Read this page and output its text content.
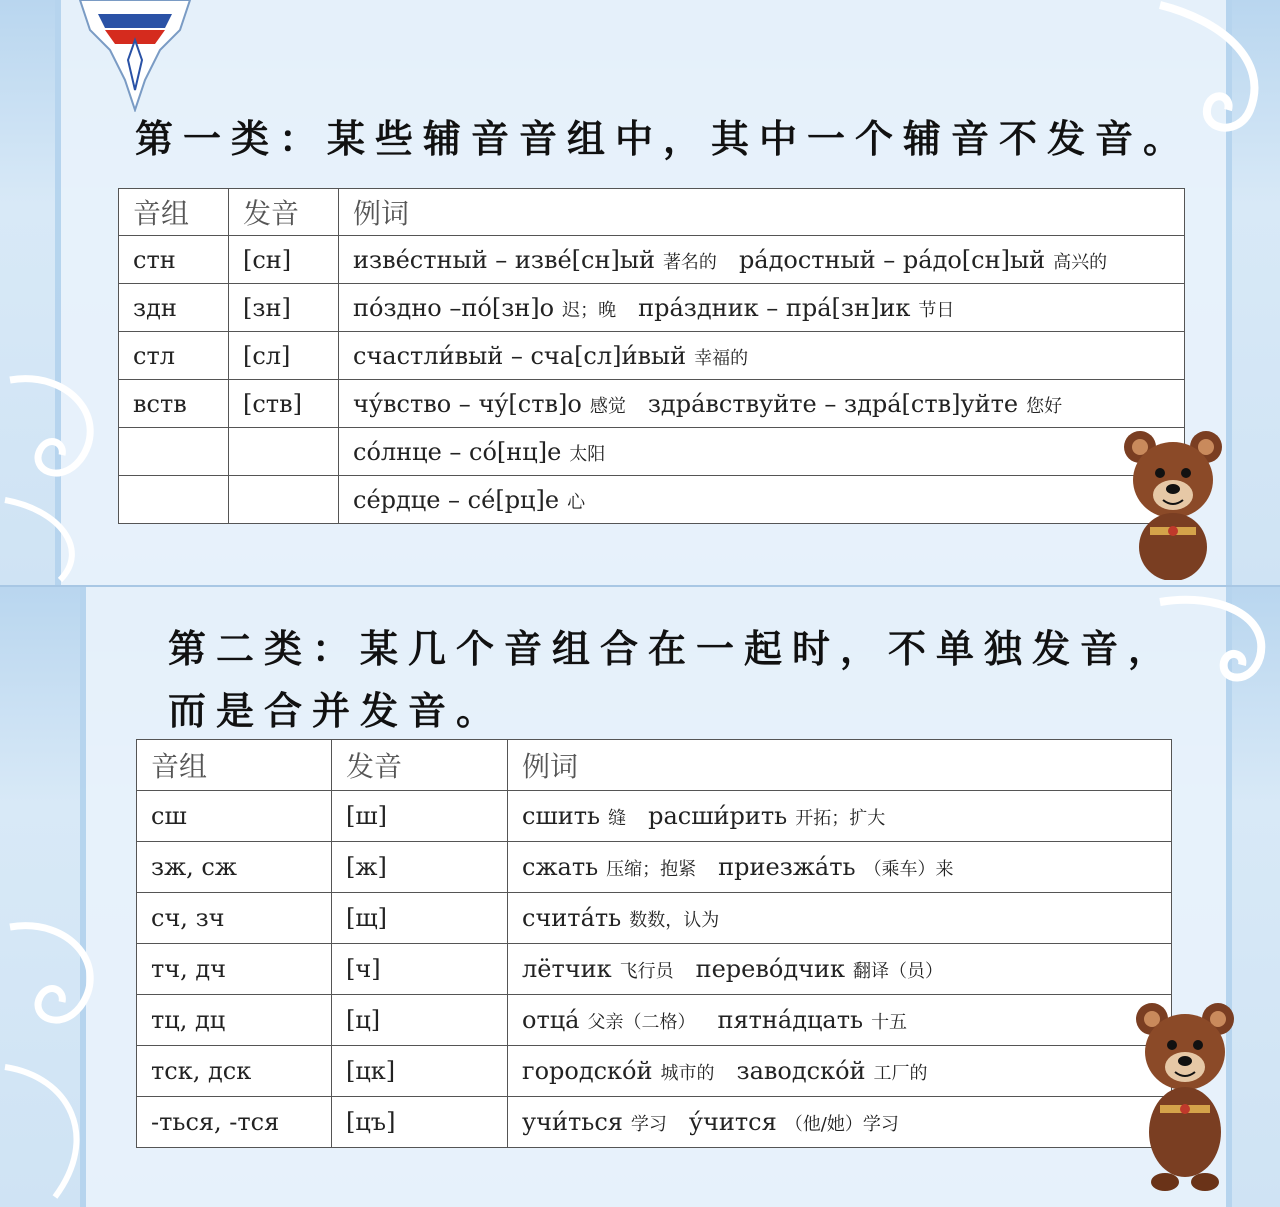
第一类：某些辅音音组中，其中一个辅音不发音。
音组	发音	例词
стн	[сн]	изве́стный – изве́[сн]ый 著名的 ра́достный – ра́до[сн]ый 高兴的
здн	[зн]	по́здно –по́[зн]о 迟；晚 пра́здник – пра́[зн]ик 节日
стл	[сл]	счастли́вый – сча[сл]и́вый 幸福的
вств	[ств]	чу́вство – чу́[ств]о 感觉 здра́вствуйте – здра́[ств]уйте 您好
		со́лнце – со́[нц]е 太阳
		се́рдце – се́[рц]е 心
第二类：某几个音组合在一起时，不单独发音，
而是合并发音。
音组	发音	例词
сш	[ш]	сшить 缝 расши́рить 开拓；扩大
зж, сж	[ж]	сжать 压缩；抱紧 приезжа́ть （乘车）来
сч, зч	[щ]	счита́ть 数数，认为
тч, дч	[ч]	лётчик 飞行员 перево́дчик 翻译（员）
тц, дц	[ц]	отца́ 父亲（二格） пятна́дцать 十五
тск, дск	[цк]	городско́й 城市的 заводско́й 工厂的
-ться, -тся	[цъ]	учи́ться 学习 у́чится （他/她）学习
